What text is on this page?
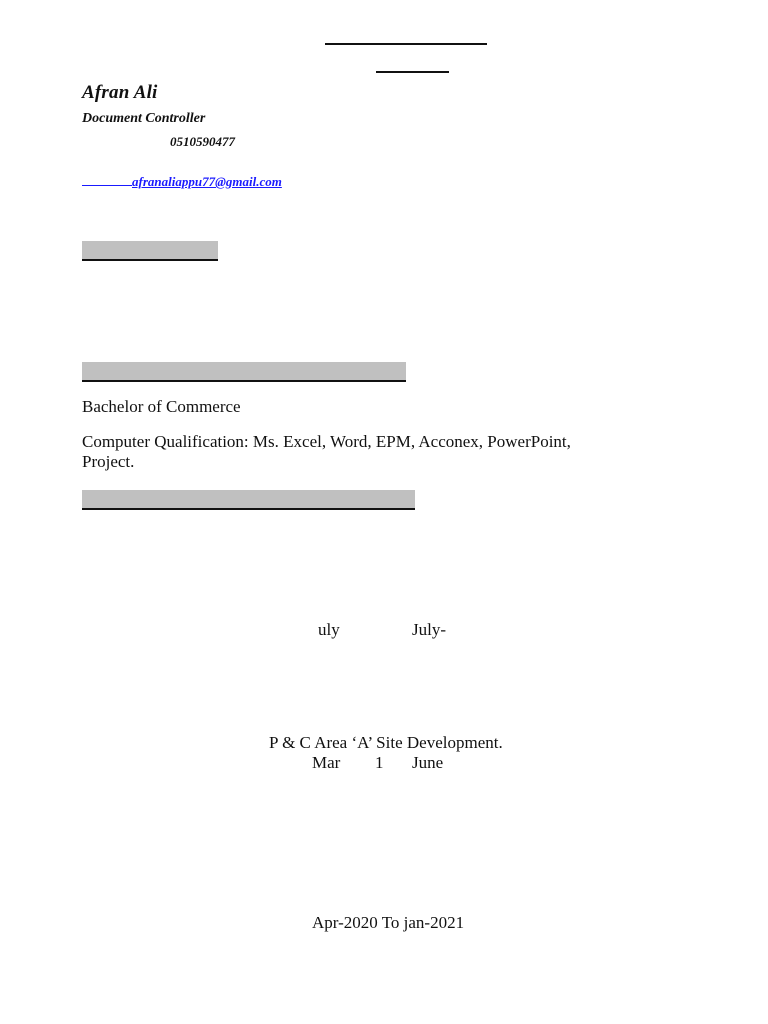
Afran Ali
Document Controller
0510590477
afranaliappu77@gmail.com
Bachelor of Commerce
Computer Qualification: Ms. Excel, Word, EPM, Acconex, PowerPoint, Project.
uly	July-
P & C Area ‘A’ Site Development.
Mar 1 June
Apr-2020 To jan-2021
